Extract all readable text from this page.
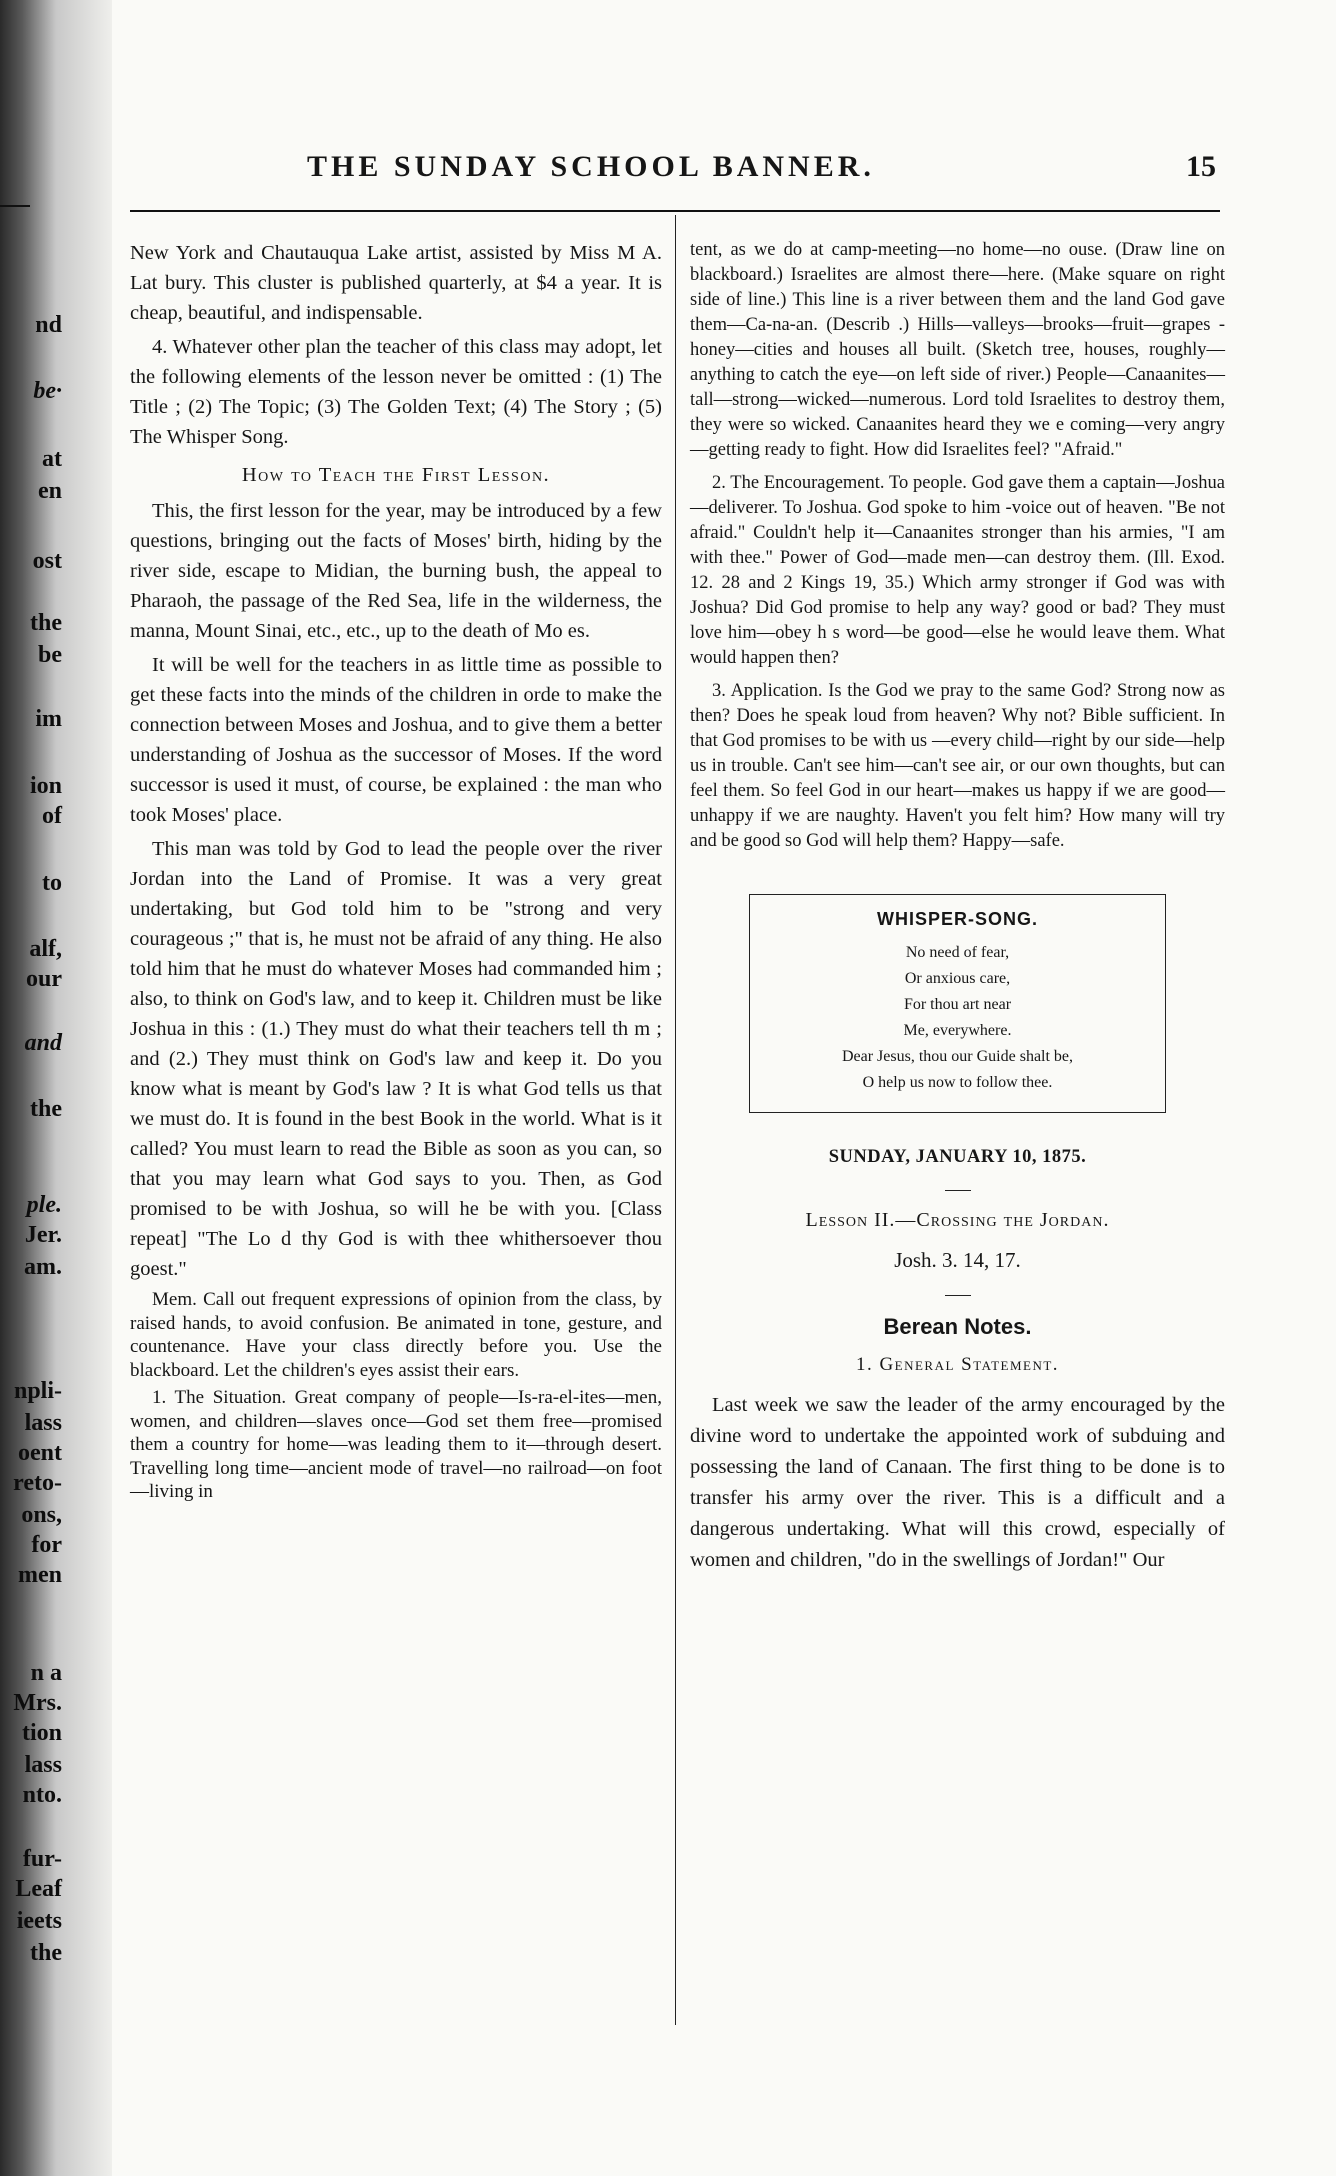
nd
be·
at
en
ost
the
be
im
ion
of
to
alf,
our
and
the
ple.
Jer.
am.
npli-
lass
oent
reto-
ons,
for
men
n a
Mrs.
tion
lass
nto.
fur-
Leaf
ieets
the
THE SUNDAY SCHOOL BANNER.	15

New York and Chautauqua Lake artist, assisted by Miss M A. Lat bury. This cluster is published quarterly, at $4 a year. It is cheap, beautiful, and indispensable.

4. Whatever other plan the teacher of this class may adopt, let the following elements of the lesson never be omitted : (1) The Title ; (2) The Topic; (3) The Golden Text; (4) The Story ; (5) The Whisper Song.

How to Teach the First Lesson.

This, the first lesson for the year, may be introduced by a few questions, bringing out the facts of Moses' birth, hiding by the river side, escape to Midian, the burning bush, the appeal to Pharaoh, the passage of the Red Sea, life in the wilderness, the manna, Mount Sinai, etc., etc., up to the death of Mo es.

It will be well for the teachers in as little time as possible to get these facts into the minds of the children in orde to make the connection between Moses and Joshua, and to give them a better understanding of Joshua as the successor of Moses. If the word successor is used it must, of course, be explained : the man who took Moses' place.

This man was told by God to lead the people over the river Jordan into the Land of Promise. It was a very great undertaking, but God told him to be "strong and very courageous ;" that is, he must not be afraid of any thing. He also told him that he must do whatever Moses had commanded him ; also, to think on God's law, and to keep it. Children must be like Joshua in this : (1.) They must do what their teachers tell th m ; and (2.) They must think on God's law and keep it. Do you know what is meant by God's law ? It is what God tells us that we must do. It is found in the best Book in the world. What is it called? You must learn to read the Bible as soon as you can, so that you may learn what God says to you. Then, as God promised to be with Joshua, so will he be with you. [Class repeat] "The Lo d thy God is with thee whithersoever thou goest."

Mem. Call out frequent expressions of opinion from the class, by raised hands, to avoid confusion. Be animated in tone, gesture, and countenance. Have your class directly before you. Use the blackboard. Let the children's eyes assist their ears.

1. The Situation. Great company of people—Is-ra-el-ites—men, women, and children—slaves once—God set them free—promised them a country for home—was leading them to it—through desert. Travelling long time—ancient mode of travel—no railroad—on foot—living in

tent, as we do at camp-meeting—no home—no ouse. (Draw line on blackboard.) Israelites are almost there—here. (Make square on right side of line.) This line is a river between them and the land God gave them—Ca-na-an. (Describ .) Hills—valleys—brooks—fruit—grapes - honey—cities and houses all built. (Sketch tree, houses, roughly—anything to catch the eye—on left side of river.) People—Canaanites—tall—strong—wicked—numerous. Lord told Israelites to destroy them, they were so wicked. Canaanites heard they we e coming—very angry—getting ready to fight. How did Israelites feel? "Afraid."

2. The Encouragement. To people. God gave them a captain—Joshua—deliverer. To Joshua. God spoke to him -voice out of heaven. "Be not afraid." Couldn't help it—Canaanites stronger than his armies, "I am with thee." Power of God—made men—can destroy them. (Ill. Exod. 12. 28 and 2 Kings 19, 35.) Which army stronger if God was with Joshua? Did God promise to help any way? good or bad? They must love him—obey h s word—be good—else he would leave them. What would happen then?

3. Application. Is the God we pray to the same God? Strong now as then? Does he speak loud from heaven? Why not? Bible sufficient. In that God promises to be with us —every child—right by our side—help us in trouble. Can't see him—can't see air, or our own thoughts, but can feel them. So feel God in our heart—makes us happy if we are good—unhappy if we are naughty. Haven't you felt him? How many will try and be good so God will help them? Happy—safe.

WHISPER-SONG.
No need of fear,
Or anxious care,
For thou art near
Me, everywhere.
Dear Jesus, thou our Guide shalt be,
O help us now to follow thee.
SUNDAY, JANUARY 10, 1875.
Lesson II.—Crossing the Jordan.
Josh. 3. 14, 17.
Berean Notes.
1. General Statement.

Last week we saw the leader of the army encouraged by the divine word to undertake the appointed work of subduing and possessing the land of Canaan. The first thing to be done is to transfer his army over the river. This is a difficult and a dangerous undertaking. What will this crowd, especially of women and children, "do in the swellings of Jordan!" Our
